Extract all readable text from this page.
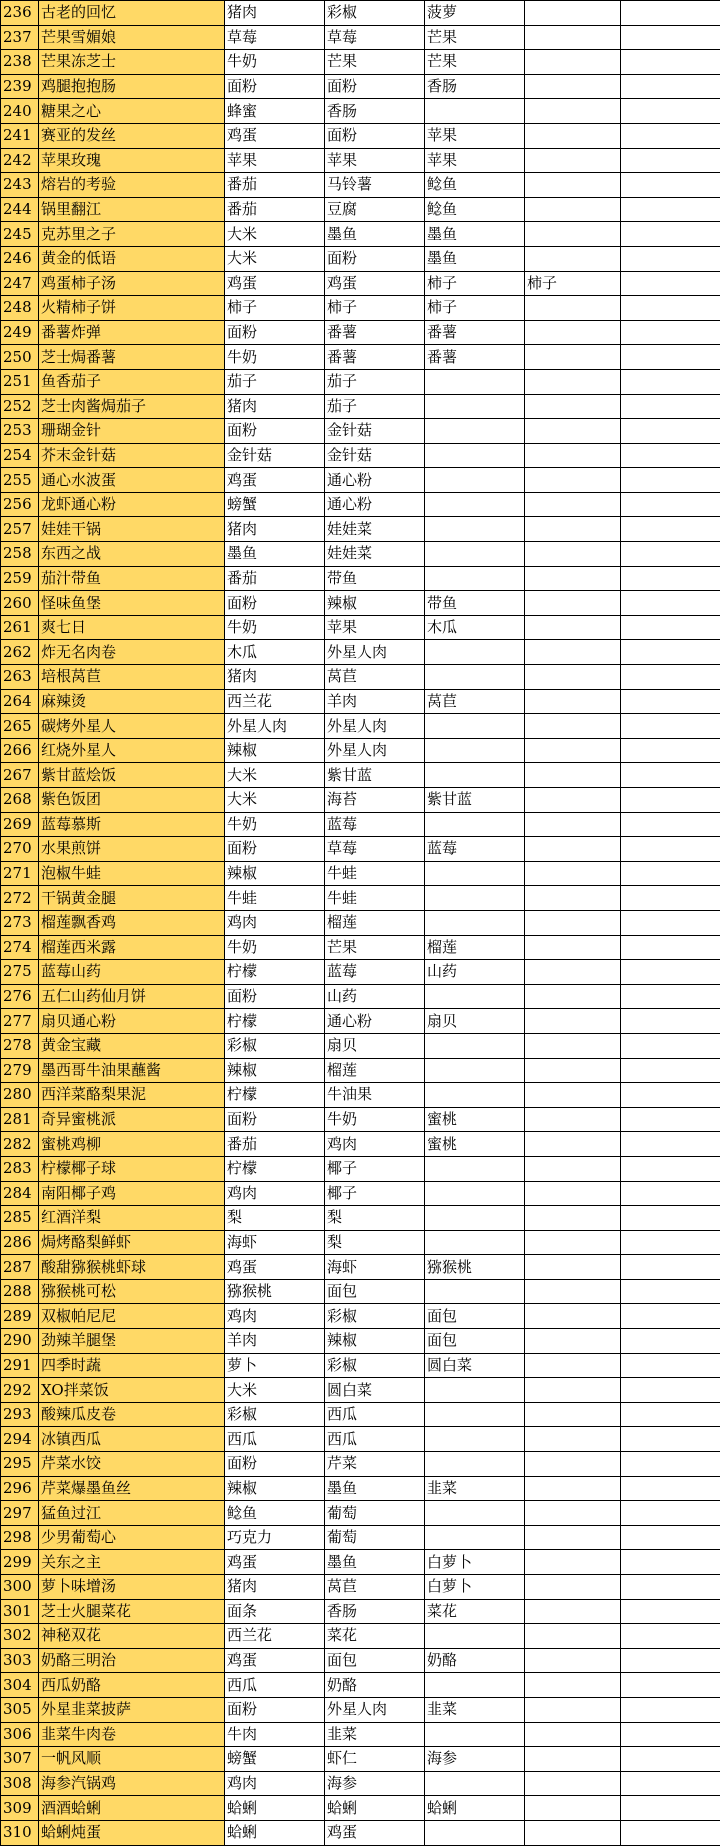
236	古老的回忆	猪肉	彩椒	菠萝		
237	芒果雪媚娘	草莓	草莓	芒果		
238	芒果冻芝士	牛奶	芒果	芒果		
239	鸡腿抱抱肠	面粉	面粉	香肠		
240	糖果之心	蜂蜜	香肠			
241	赛亚的发丝	鸡蛋	面粉	苹果		
242	苹果玫瑰	苹果	苹果	苹果		
243	熔岩的考验	番茄	马铃薯	鲶鱼		
244	锅里翻江	番茄	豆腐	鲶鱼		
245	克苏里之子	大米	墨鱼	墨鱼		
246	黄金的低语	大米	面粉	墨鱼		
247	鸡蛋柿子汤	鸡蛋	鸡蛋	柿子	柿子	
248	火精柿子饼	柿子	柿子	柿子		
249	番薯炸弹	面粉	番薯	番薯		
250	芝士焗番薯	牛奶	番薯	番薯		
251	鱼香茄子	茄子	茄子			
252	芝士肉酱焗茄子	猪肉	茄子			
253	珊瑚金针	面粉	金针菇			
254	芥末金针菇	金针菇	金针菇			
255	通心水波蛋	鸡蛋	通心粉			
256	龙虾通心粉	螃蟹	通心粉			
257	娃娃干锅	猪肉	娃娃菜			
258	东西之战	墨鱼	娃娃菜			
259	茄汁带鱼	番茄	带鱼			
260	怪味鱼堡	面粉	辣椒	带鱼		
261	爽七日	牛奶	苹果	木瓜		
262	炸无名肉卷	木瓜	外星人肉			
263	培根莴苣	猪肉	莴苣			
264	麻辣烫	西兰花	羊肉	莴苣		
265	碳烤外星人	外星人肉	外星人肉			
266	红烧外星人	辣椒	外星人肉			
267	紫甘蓝烩饭	大米	紫甘蓝			
268	紫色饭团	大米	海苔	紫甘蓝		
269	蓝莓慕斯	牛奶	蓝莓			
270	水果煎饼	面粉	草莓	蓝莓		
271	泡椒牛蛙	辣椒	牛蛙			
272	干锅黄金腿	牛蛙	牛蛙			
273	榴莲飘香鸡	鸡肉	榴莲			
274	榴莲西米露	牛奶	芒果	榴莲		
275	蓝莓山药	柠檬	蓝莓	山药		
276	五仁山药仙月饼	面粉	山药			
277	扇贝通心粉	柠檬	通心粉	扇贝		
278	黄金宝藏	彩椒	扇贝			
279	墨西哥牛油果蘸酱	辣椒	榴莲			
280	西洋菜酪梨果泥	柠檬	牛油果			
281	奇异蜜桃派	面粉	牛奶	蜜桃		
282	蜜桃鸡柳	番茄	鸡肉	蜜桃		
283	柠檬椰子球	柠檬	椰子			
284	南阳椰子鸡	鸡肉	椰子			
285	红酒洋梨	梨	梨			
286	焗烤酪梨鲜虾	海虾	梨			
287	酸甜猕猴桃虾球	鸡蛋	海虾	猕猴桃		
288	猕猴桃可松	猕猴桃	面包			
289	双椒帕尼尼	鸡肉	彩椒	面包		
290	劲辣羊腿堡	羊肉	辣椒	面包		
291	四季时蔬	萝卜	彩椒	圆白菜		
292	XO拌菜饭	大米	圆白菜			
293	酸辣瓜皮卷	彩椒	西瓜			
294	冰镇西瓜	西瓜	西瓜			
295	芹菜水饺	面粉	芹菜			
296	芹菜爆墨鱼丝	辣椒	墨鱼	韭菜		
297	猛鱼过江	鲶鱼	葡萄			
298	少男葡萄心	巧克力	葡萄			
299	关东之主	鸡蛋	墨鱼	白萝卜		
300	萝卜味增汤	猪肉	莴苣	白萝卜		
301	芝士火腿菜花	面条	香肠	菜花		
302	神秘双花	西兰花	菜花			
303	奶酪三明治	鸡蛋	面包	奶酪		
304	西瓜奶酪	西瓜	奶酪			
305	外星韭菜披萨	面粉	外星人肉	韭菜		
306	韭菜牛肉卷	牛肉	韭菜			
307	一帆风顺	螃蟹	虾仁	海参		
308	海参汽锅鸡	鸡肉	海参			
309	酒酒蛤蜊	蛤蜊	蛤蜊	蛤蜊		
310	蛤蜊炖蛋	蛤蜊	鸡蛋			
